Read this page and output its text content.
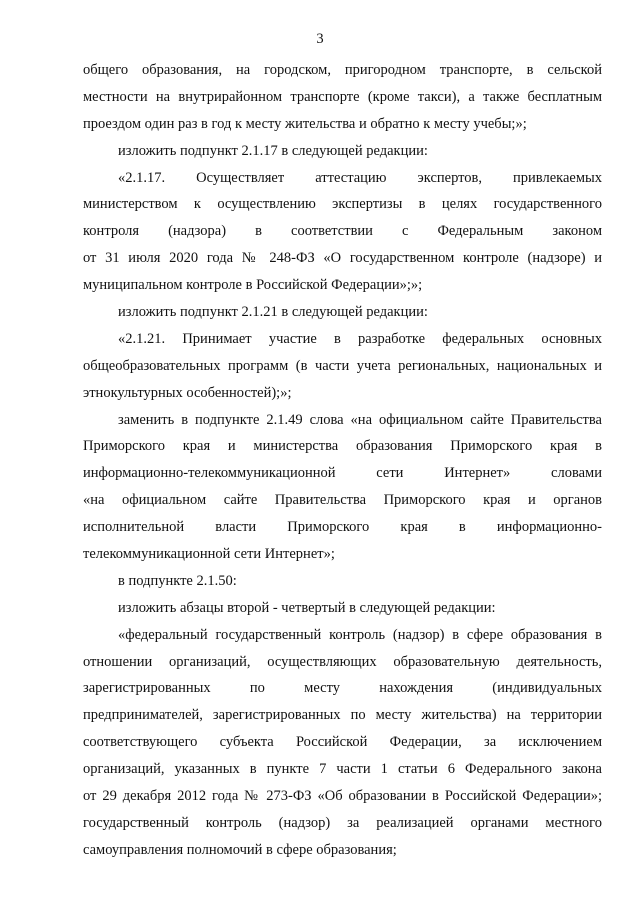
3
общего образования, на городском, пригородном транспорте, в сельской
местности на внутрирайонном транспорте (кроме такси), а также бесплатным
проездом один раз в год к месту жительства и обратно к месту учебы;»;
изложить подпункт 2.1.17 в следующей редакции:
«2.1.17. Осуществляет аттестацию экспертов, привлекаемых
министерством к осуществлению экспертизы в целях государственного
контроля (надзора) в соответствии с Федеральным законом
от 31 июля 2020 года № 248-ФЗ «О государственном контроле (надзоре) и
муниципальном контроле в Российской Федерации»;»;
изложить подпункт 2.1.21 в следующей редакции:
«2.1.21. Принимает участие в разработке федеральных основных
общеобразовательных программ (в части учета региональных, национальных и
этнокультурных особенностей);»;
заменить в подпункте 2.1.49 слова «на официальном сайте Правительства
Приморского края и министерства образования Приморского края в
информационно-телекоммуникационной сети Интернет» словами
«на официальном сайте Правительства Приморского края и органов
исполнительной власти Приморского края в информационно-
телекоммуникационной сети Интернет»;
в подпункте 2.1.50:
изложить абзацы второй - четвертый в следующей редакции:
«федеральный государственный контроль (надзор) в сфере образования в
отношении организаций, осуществляющих образовательную деятельность,
зарегистрированных по месту нахождения (индивидуальных
предпринимателей, зарегистрированных по месту жительства) на территории
соответствующего субъекта Российской Федерации, за исключением
организаций, указанных в пункте 7 части 1 статьи 6 Федерального закона
от 29 декабря 2012 года № 273-ФЗ «Об образовании в Российской Федерации»;
государственный контроль (надзор) за реализацией органами местного
самоуправления полномочий в сфере образования;
